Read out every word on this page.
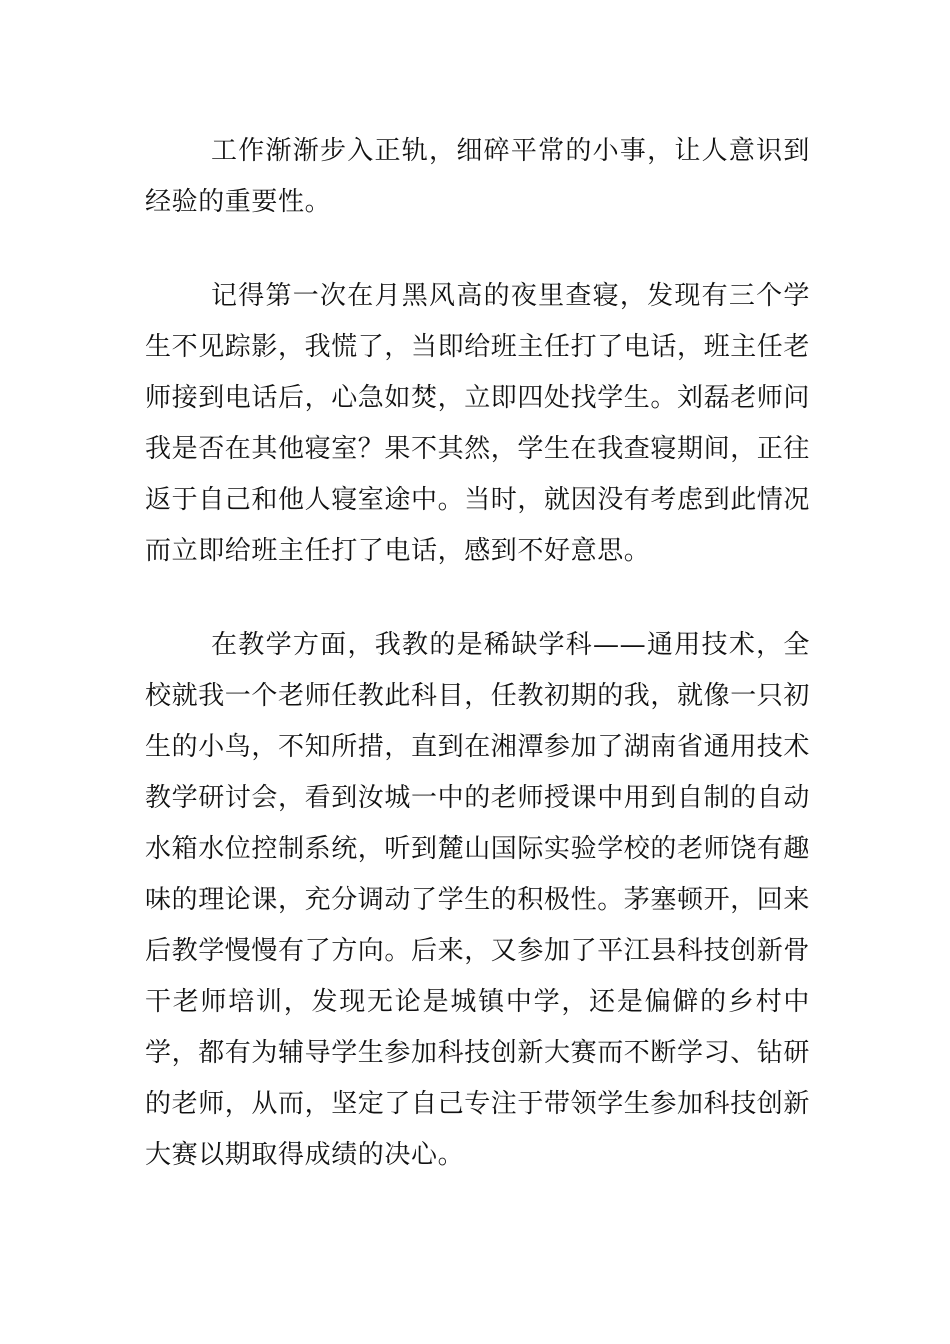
工作渐渐步入正轨，细碎平常的小事，让人意识到经验的重要性。

记得第一次在月黑风高的夜里查寝，发现有三个学生不见踪影，我慌了，当即给班主任打了电话，班主任老师接到电话后，心急如焚，立即四处找学生。刘磊老师问我是否在其他寝室？果不其然，学生在我查寝期间，正往返于自己和他人寝室途中。当时，就因没有考虑到此情况而立即给班主任打了电话，感到不好意思。

在教学方面，我教的是稀缺学科——通用技术，全校就我一个老师任教此科目，任教初期的我，就像一只初生的小鸟，不知所措，直到在湘潭参加了湖南省通用技术教学研讨会，看到汝城一中的老师授课中用到自制的自动水箱水位控制系统，听到麓山国际实验学校的老师饶有趣味的理论课，充分调动了学生的积极性。茅塞顿开，回来后教学慢慢有了方向。后来，又参加了平江县科技创新骨干老师培训，发现无论是城镇中学，还是偏僻的乡村中学，都有为辅导学生参加科技创新大赛而不断学习、钻研的老师，从而，坚定了自己专注于带领学生参加科技创新大赛以期取得成绩的决心。
